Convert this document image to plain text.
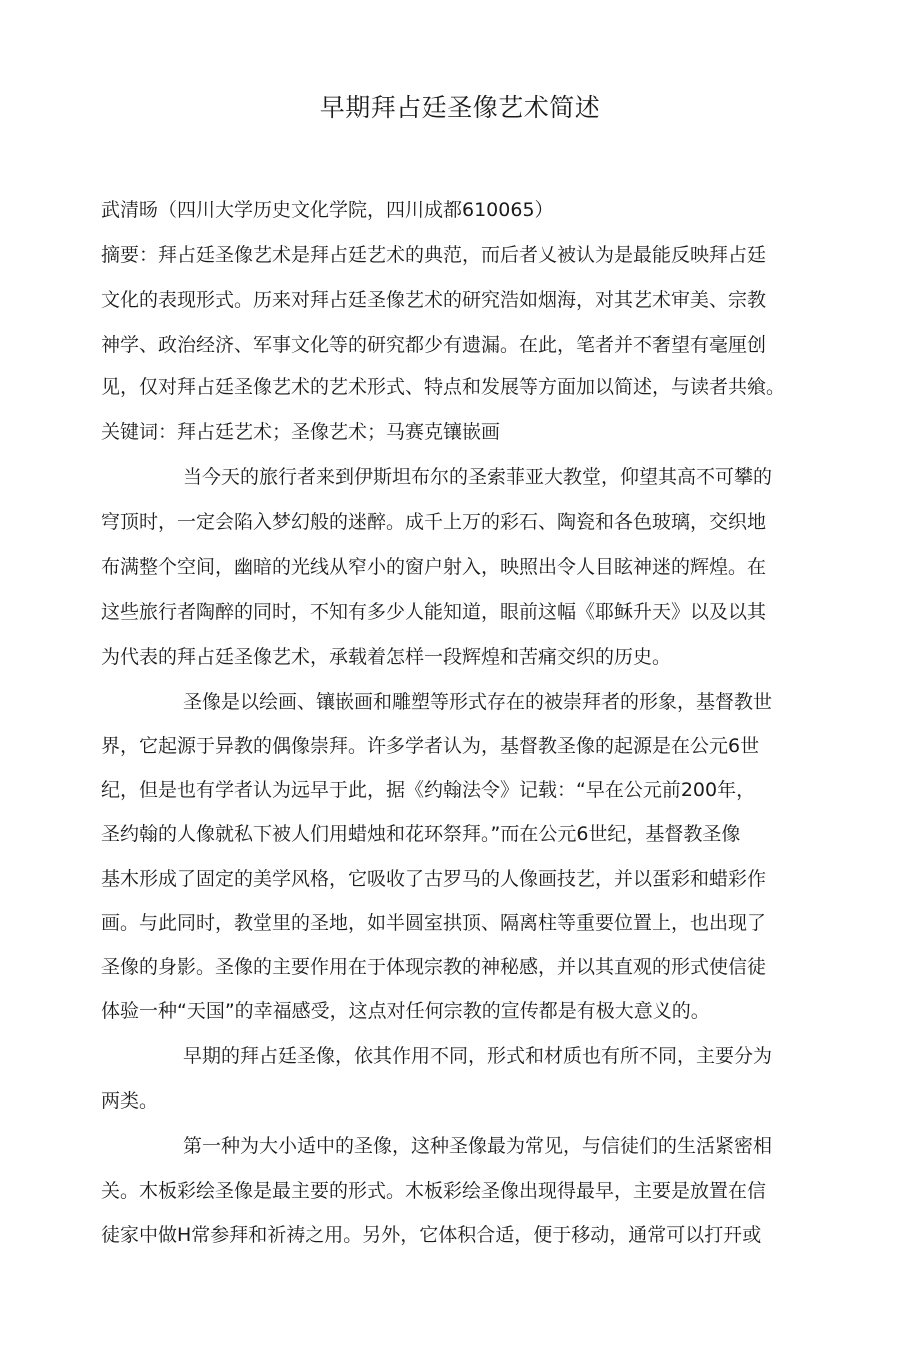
早期拜占廷圣像艺术简述
武清旸（四川大学历史文化学院，四川成都610065）
摘要：拜占廷圣像艺术是拜占廷艺术的典范，而后者乂被认为是最能反映拜占廷
文化的表现形式。历来对拜占廷圣像艺术的研究浩如烟海，对其艺术审美、宗教
神学、政治经济、军事文化等的研究都少有遗漏。在此，笔者并不奢望有毫厘创
见，仅对拜占廷圣像艺术的艺术形式、特点和发展等方面加以简述，与读者共飨。
关键词：拜占廷艺术；圣像艺术；马赛克镶嵌画
当今天的旅行者来到伊斯坦布尔的圣索菲亚大教堂，仰望其高不可攀的
穹顶时，一定会陷入梦幻般的迷醉。成千上万的彩石、陶瓷和各色玻璃，交织地
布满整个空间，幽暗的光线从窄小的窗户射入，映照出令人目眩神迷的辉煌。在
这些旅行者陶醉的同时，不知有多少人能知道，眼前这幅《耶稣升天》以及以其
为代表的拜占廷圣像艺术，承载着怎样一段辉煌和苦痛交织的历史。
圣像是以绘画、镶嵌画和雕塑等形式存在的被崇拜者的形象，基督教世
界，它起源于异教的偶像崇拜。许多学者认为，基督教圣像的起源是在公元6世
纪，但是也有学者认为远早于此，据《约翰法令》记载：“早在公元前200年，
圣约翰的人像就私下被人们用蜡烛和花环祭拜。”而在公元6世纪，基督教圣像
基木形成了固定的美学风格，它吸收了古罗马的人像画技艺，并以蛋彩和蜡彩作
画。与此同时，教堂里的圣地，如半圆室拱顶、隔离柱等重要位置上，也出现了
圣像的身影。圣像的主要作用在于体现宗教的神秘感，并以其直观的形式使信徒
体验一种“天国”的幸福感受，这点对任何宗教的宣传都是有极大意义的。
早期的拜占廷圣像，依其作用不同，形式和材质也有所不同，主要分为
两类。
第一种为大小适中的圣像，这种圣像最为常见，与信徒们的生活紧密相
关。木板彩绘圣像是最主要的形式。木板彩绘圣像出现得最早，主要是放置在信
徒家中做H常参拜和祈祷之用。另外，它体积合适，便于移动，通常可以打幵或
